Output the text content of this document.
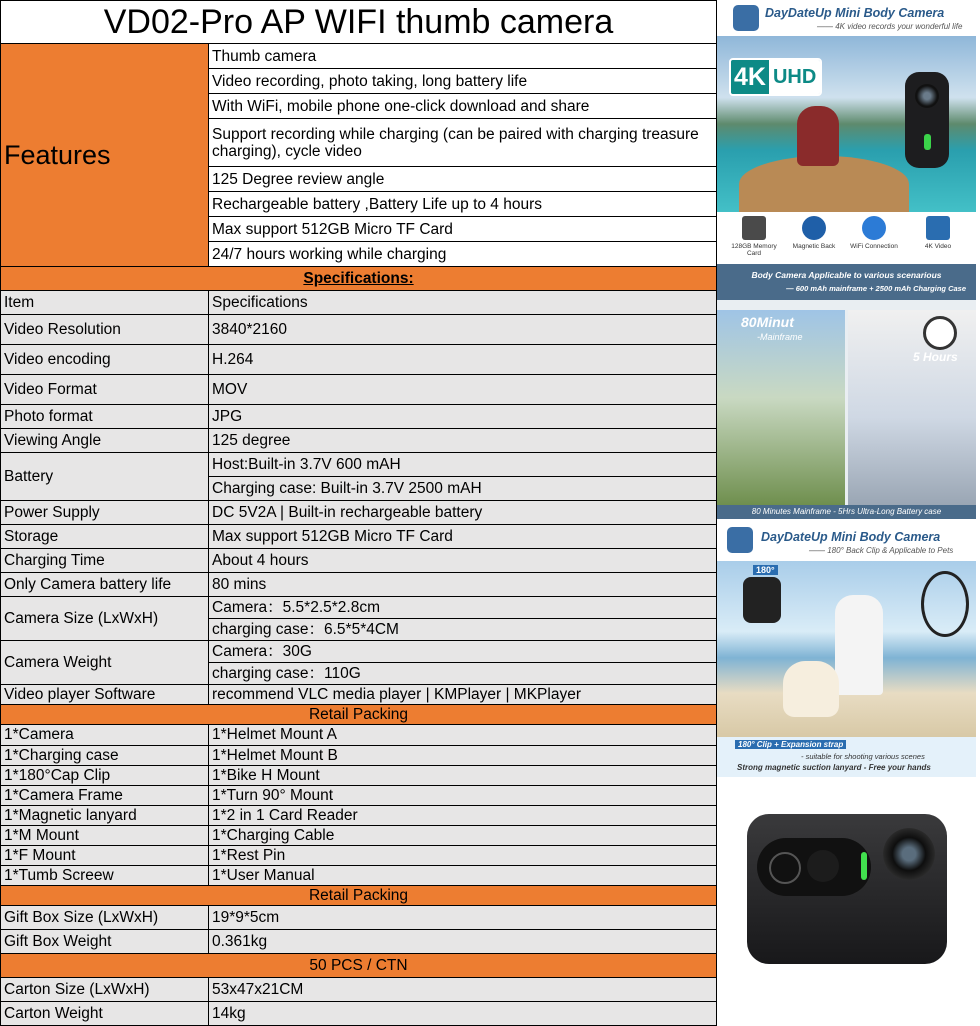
VD02-Pro AP WIFI thumb camera	
Features	Thumb camera
	Video recording, photo taking, long battery life
	With WiFi, mobile phone one-click download and share
	Support recording while charging (can be paired with charging treasure charging), cycle video
	125 Degree review angle
	Rechargeable battery ,Battery Life up to 4 hours
	Max support 512GB Micro TF Card
	24/7 hours working while charging
Specifications:	
Item	Specifications
Video Resolution	3840*2160
Video encoding	H.264
Video Format	MOV
Photo format	JPG
Viewing Angle	125 degree
Battery	Host:Built-in 3.7V 600 mAH
	Charging case: Built-in 3.7V 2500 mAH
Power Supply	DC 5V2A | Built-in rechargeable battery
Storage	Max support 512GB Micro TF Card
Charging Time	About 4 hours
Only Camera battery life	80 mins
Camera Size (LxWxH)	Camera：5.5*2.5*2.8cm
	charging case：6.5*5*4CM
Camera Weight	Camera：30G
	charging case：110G
Video player Software	recommend VLC media player | KMPlayer | MKPlayer
Retail Packing	
1*Camera	1*Helmet Mount A
1*Charging case	1*Helmet Mount B
1*180°Cap Clip	1*Bike H Mount
1*Camera Frame	1*Turn 90° Mount
1*Magnetic lanyard	1*2 in 1 Card Reader
1*M Mount	1*Charging Cable
1*F Mount	1*Rest Pin
1*Tumb Screew	1*User Manual
Retail Packing	
Gift Box Size (LxWxH)	19*9*5cm
Gift Box Weight	0.361kg
50 PCS / CTN	
Carton Size (LxWxH)	53x47x21CM
Carton Weight	14kg
DayDateUp Mini Body Camera
—— 4K video records your wonderful life
4K UHD
128GB Memory Card
Magnetic Back	WiFi Connection	4K Video
Body Camera Applicable to various scenarious
— 600 mAh mainframe + 2500 mAh Charging Case
80Minut
-Mainframe
5 Hours
80 Minutes Mainframe - 5Hrs Ultra-Long Battery case
DayDateUp Mini Body Camera
—— 180° Back Clip & Applicable to Pets
180°
180° Clip + Expansion strap
- suitable for shooting various scenes
Strong magnetic suction lanyard - Free your hands
